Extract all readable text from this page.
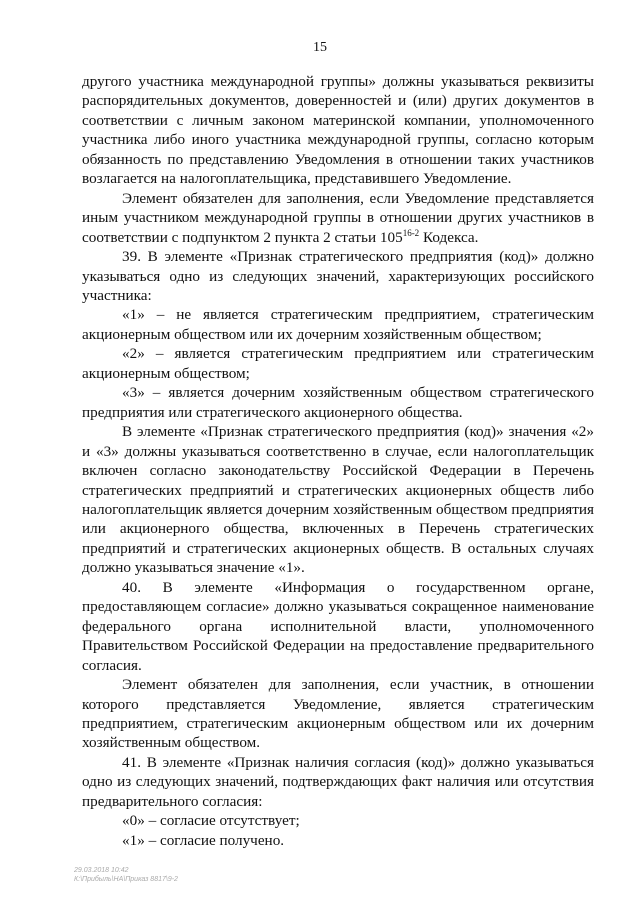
15

другого участника международной группы» должны указываться реквизиты распорядительных документов, доверенностей и (или) других документов в соответствии с личным законом материнской компании, уполномоченного участника либо иного участника международной группы, согласно которым обязанность по представлению Уведомления в отношении таких участников возлагается на налогоплательщика, представившего Уведомление.

Элемент обязателен для заполнения, если Уведомление представляется иным участником международной группы в отношении других участников в соответствии с подпунктом 2 пункта 2 статьи 105$^{16-2}$ Кодекса.

39. В элементе «Признак стратегического предприятия (код)» должно указываться одно из следующих значений, характеризующих российского участника:

«1» – не является стратегическим предприятием, стратегическим акционерным обществом или их дочерним хозяйственным обществом;

«2» – является стратегическим предприятием или стратегическим акционерным обществом;

«3» – является дочерним хозяйственным обществом стратегического предприятия или стратегического акционерного общества.

В элементе «Признак стратегического предприятия (код)» значения «2» и «3» должны указываться соответственно в случае, если налогоплательщик включен согласно законодательству Российской Федерации в Перечень стратегических предприятий и стратегических акционерных обществ либо налогоплательщик является дочерним хозяйственным обществом предприятия или акционерного общества, включенных в Перечень стратегических предприятий и стратегических акционерных обществ. В остальных случаях должно указываться значение «1».

40. В элементе «Информация о государственном органе, предоставляющем согласие» должно указываться сокращенное наименование федерального органа исполнительной власти, уполномоченного Правительством Российской Федерации на предоставление предварительного согласия.

Элемент обязателен для заполнения, если участник, в отношении которого представляется Уведомление, является стратегическим предприятием, стратегическим акционерным обществом или их дочерним хозяйственным обществом.

41. В элементе «Признак наличия согласия (код)» должно указываться одно из следующих значений, подтверждающих факт наличия или отсутствия предварительного согласия:

«0» – согласие отсутствует;

«1» – согласие получено.

29.03.2018 10:42
К:\Прибыль\НА\Приказ 8817\9-2
